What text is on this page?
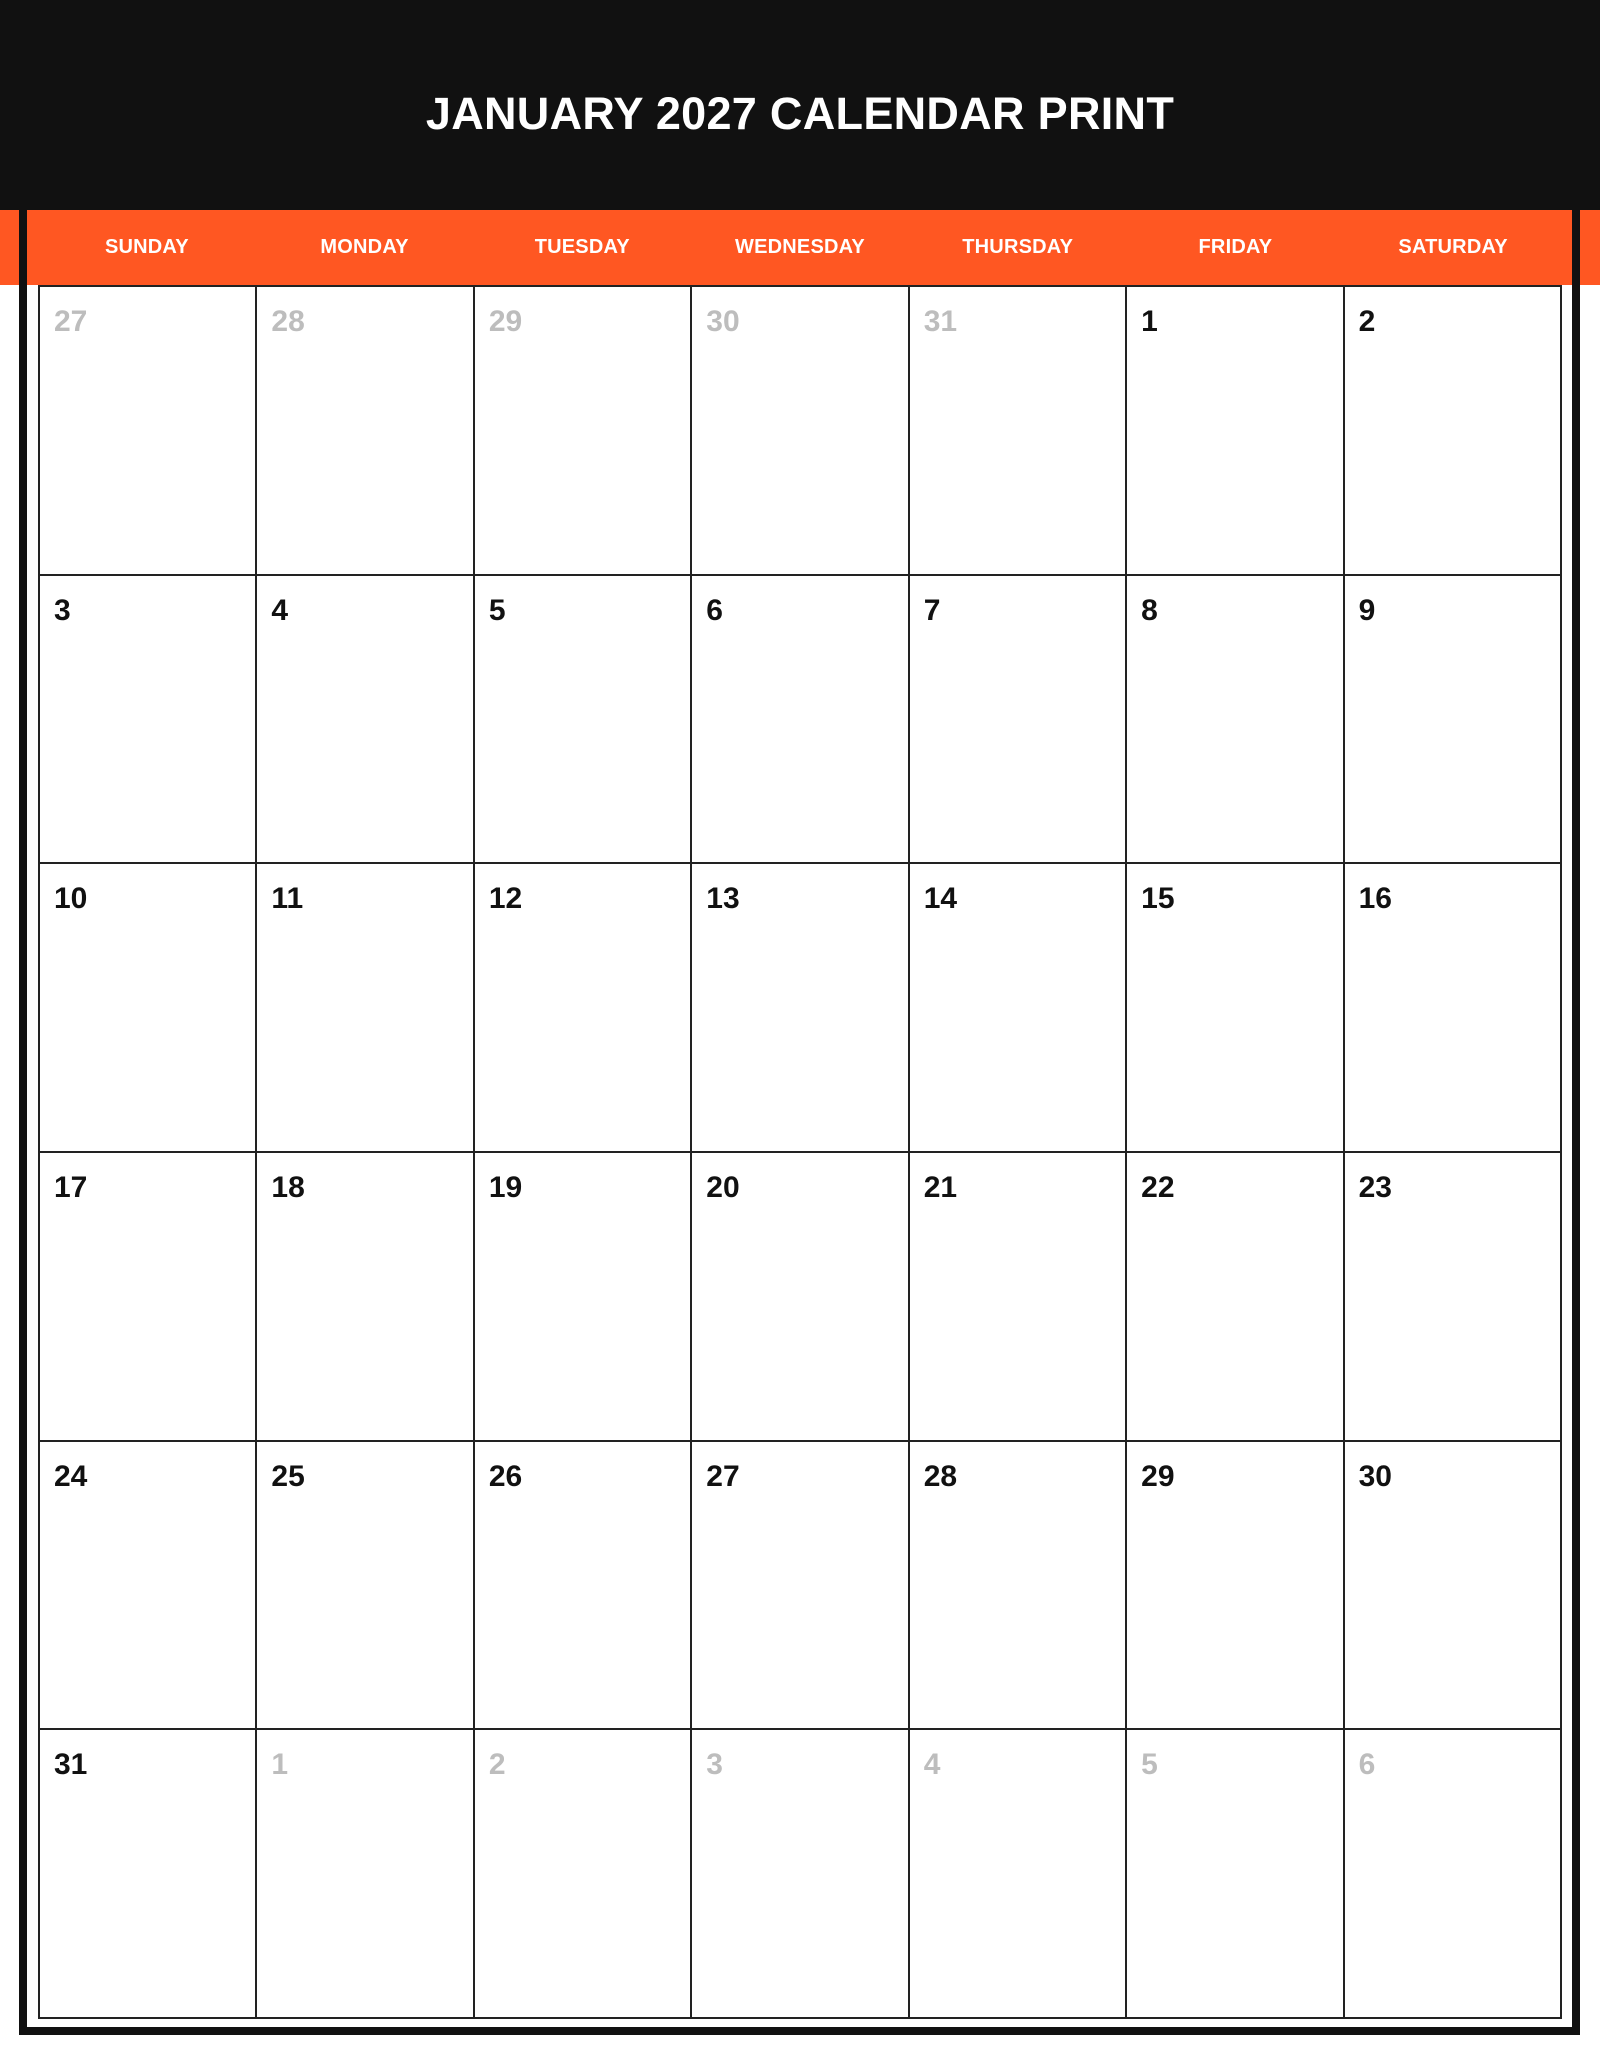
JANUARY 2027 CALENDAR PRINT
SUNDAY	MONDAY	TUESDAY	WEDNESDAY	THURSDAY	FRIDAY	SATURDAY
27	28	29	30	31	1	2
3	4	5	6	7	8	9
10	11	12	13	14	15	16
17	18	19	20	21	22	23
24	25	26	27	28	29	30
31	1	2	3	4	5	6
